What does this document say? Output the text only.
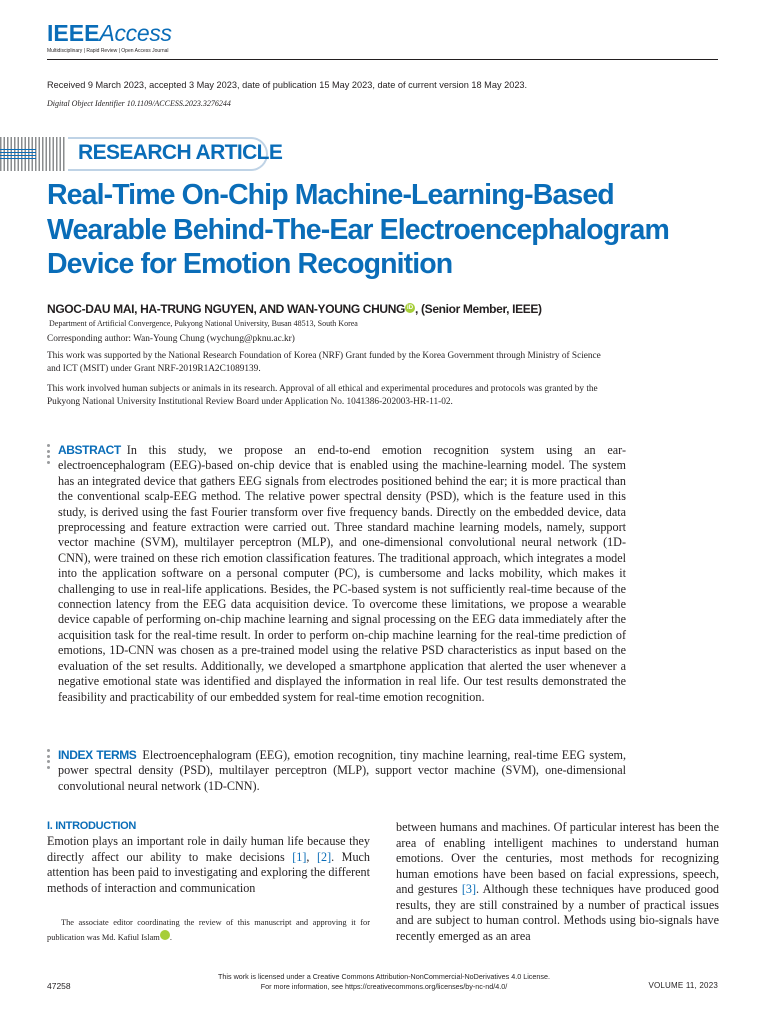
IEEEAccess
Multidisciplinary | Rapid Review | Open Access Journal
Received 9 March 2023, accepted 3 May 2023, date of publication 15 May 2023, date of current version 18 May 2023.
Digital Object Identifier 10.1109/ACCESS.2023.3276244
RESEARCH ARTICLE
Real-Time On-Chip Machine-Learning-Based Wearable Behind-The-Ear Electroencephalogram Device for Emotion Recognition
NGOC-DAU MAI, HA-TRUNG NGUYEN, AND WAN-YOUNG CHUNG iD , (Senior Member, IEEE)
Department of Artificial Convergence, Pukyong National University, Busan 48513, South Korea
Corresponding author: Wan-Young Chung (wychung@pknu.ac.kr)
This work was supported by the National Research Foundation of Korea (NRF) Grant funded by the Korea Government through Ministry of Science and ICT (MSIT) under Grant NRF-2019R1A2C1089139.
This work involved human subjects or animals in its research. Approval of all ethical and experimental procedures and protocols was granted by the Pukyong National University Institutional Review Board under Application No. 1041386-202003-HR-11-02.
ABSTRACT In this study, we propose an end-to-end emotion recognition system using an ear-electroencephalogram (EEG)-based on-chip device that is enabled using the machine-learning model. The system has an integrated device that gathers EEG signals from electrodes positioned behind the ear; it is more practical than the conventional scalp-EEG method. The relative power spectral density (PSD), which is the feature used in this study, is derived using the fast Fourier transform over five frequency bands. Directly on the embedded device, data preprocessing and feature extraction were carried out. Three standard machine learning models, namely, support vector machine (SVM), multilayer perceptron (MLP), and one-dimensional convolutional neural network (1D-CNN), were trained on these rich emotion classification features. The traditional approach, which integrates a model into the application software on a personal computer (PC), is cumbersome and lacks mobility, which makes it challenging to use in real-life applications. Besides, the PC-based system is not sufficiently real-time because of the connection latency from the EEG data acquisition device. To overcome these limitations, we propose a wearable device capable of performing on-chip machine learning and signal processing on the EEG data immediately after the acquisition task for the real-time result. In order to perform on-chip machine learning for the real-time prediction of emotions, 1D-CNN was chosen as a pre-trained model using the relative PSD characteristics as input based on the evaluation of the set results. Additionally, we developed a smartphone application that alerted the user whenever a negative emotional state was identified and displayed the information in real life. Our test results demonstrated the feasibility and practicability of our embedded system for real-time emotion recognition.
INDEX TERMS Electroencephalogram (EEG), emotion recognition, tiny machine learning, real-time EEG system, power spectral density (PSD), multilayer perceptron (MLP), support vector machine (SVM), one-dimensional convolutional neural network (1D-CNN).
I. INTRODUCTION

Emotion plays an important role in daily human life because they directly affect our ability to make decisions [1], [2]. Much attention has been paid to investigating and exploring the different methods of interaction and communication

The associate editor coordinating the review of this manuscript and approving it for publication was Md. Kafiul Islam iD.

between humans and machines. Of particular interest has been the area of enabling intelligent machines to understand human emotions. Over the centuries, most methods for recognizing human emotions have been based on facial expressions, speech, and gestures [3]. Although these techniques have produced good results, they are still constrained by a number of practical issues and are subject to human control. Methods using bio-signals have recently emerged as an area

This work is licensed under a Creative Commons Attribution-NonCommercial-NoDerivatives 4.0 License.
For more information, see https://creativecommons.org/licenses/by-nc-nd/4.0/
47258	VOLUME 11, 2023
